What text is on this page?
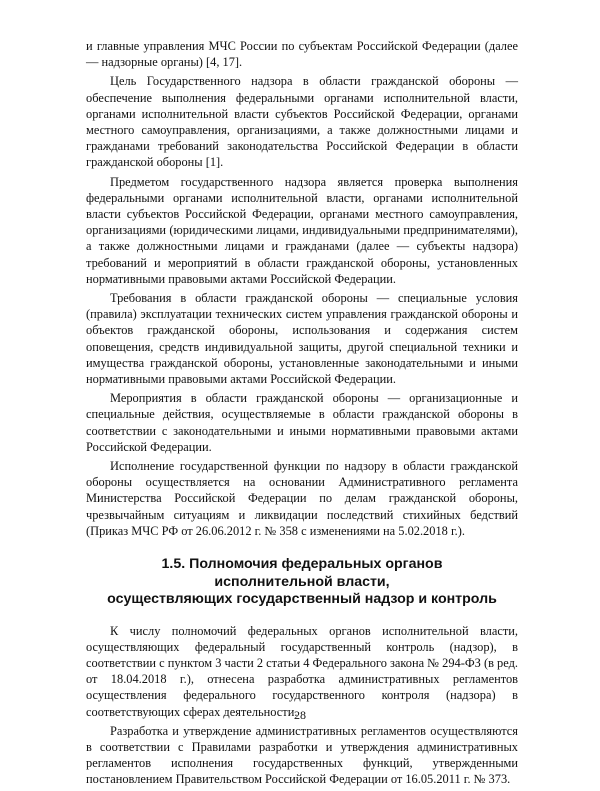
и главные управления МЧС России по субъектам Российской Федерации (далее — надзорные органы) [4, 17].

Цель Государственного надзора в области гражданской обороны — обеспечение выполнения федеральными органами исполнительной власти, органами исполнительной власти субъектов Российской Федерации, органами местного самоуправления, организациями, а также должностными лицами и гражданами требований законодательства Российской Федерации в области гражданской обороны [1].

Предметом государственного надзора является проверка выполнения федеральными органами исполнительной власти, органами исполнительной власти субъектов Российской Федерации, органами местного самоуправления, организациями (юридическими лицами, индивидуальными предпринимателями), а также должностными лицами и гражданами (далее — субъекты надзора) требований и мероприятий в области гражданской обороны, установленных нормативными правовыми актами Российской Федерации.

Требования в области гражданской обороны — специальные условия (правила) эксплуатации технических систем управления гражданской обороны и объектов гражданской обороны, использования и содержания систем оповещения, средств индивидуальной защиты, другой специальной техники и имущества гражданской обороны, установленные законодательными и иными нормативными правовыми актами Российской Федерации.

Мероприятия в области гражданской обороны — организационные и специальные действия, осуществляемые в области гражданской обороны в соответствии с законодательными и иными нормативными правовыми актами Российской Федерации.

Исполнение государственной функции по надзору в области гражданской обороны осуществляется на основании Административного регламента Министерства Российской Федерации по делам гражданской обороны, чрезвычайным ситуациям и ликвидации последствий стихийных бедствий (Приказ МЧС РФ от 26.06.2012 г. № 358 с изменениями на 5.02.2018 г.).

1.5. Полномочия федеральных органов
исполнительной власти,
осуществляющих государственный надзор и контроль

К числу полномочий федеральных органов исполнительной власти, осуществляющих федеральный государственный контроль (надзор), в соответствии с пунктом 3 части 2 статьи 4 Федерального закона № 294-ФЗ (в ред. от 18.04.2018 г.), отнесена разработка административных регламентов осуществления федерального государственного контроля (надзора) в соответствующих сферах деятельности.

Разработка и утверждение административных регламентов осуществляются в соответствии с Правилами разработки и утверждения административных регламентов исполнения государственных функций, утвержденными постановлением Правительством Российской Федерации от 16.05.2011 г. № 373.

28
